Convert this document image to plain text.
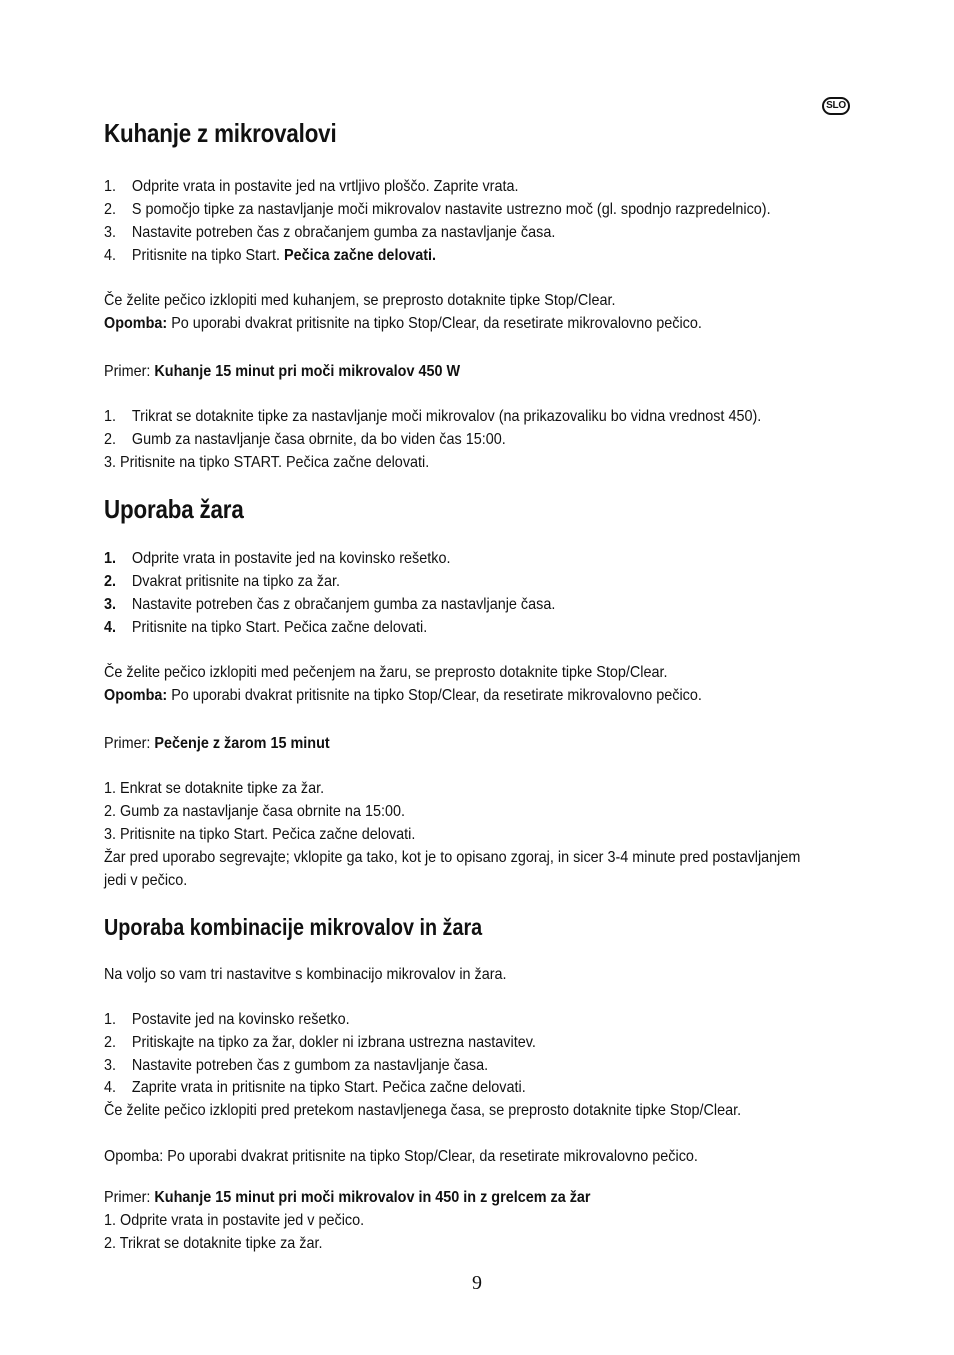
SLO
Kuhanje z mikrovalovi
1. Odprite vrata in postavite jed na vrtljivo ploščo. Zaprite vrata.
2. S pomočjo tipke za nastavljanje moči mikrovalov nastavite ustrezno moč (gl. spodnjo razpredelnico).
3. Nastavite potreben čas z obračanjem gumba za nastavljanje časa.
4. Pritisnite na tipko Start. Pečica začne delovati.
Če želite pečico izklopiti med kuhanjem, se preprosto dotaknite tipke Stop/Clear.
Opomba: Po uporabi dvakrat pritisnite na tipko Stop/Clear, da resetirate mikrovalovno pečico.
Primer: Kuhanje 15 minut pri moči mikrovalov 450 W
1. Trikrat se dotaknite tipke za nastavljanje moči mikrovalov (na prikazovaliku bo vidna vrednost 450).
2. Gumb za nastavljanje časa obrnite, da bo viden čas 15:00.
3. Pritisnite na tipko START. Pečica začne delovati.
Uporaba žara
1. Odprite vrata in postavite jed na kovinsko rešetko.
2. Dvakrat pritisnite na tipko za žar.
3. Nastavite potreben čas z obračanjem gumba za nastavljanje časa.
4. Pritisnite na tipko Start. Pečica začne delovati.
Če želite pečico izklopiti med pečenjem na žaru, se preprosto dotaknite tipke Stop/Clear.
Opomba: Po uporabi dvakrat pritisnite na tipko Stop/Clear, da resetirate mikrovalovno pečico.
Primer: Pečenje z žarom 15 minut
1. Enkrat se dotaknite tipke za žar.
2. Gumb za nastavljanje časa obrnite na 15:00.
3. Pritisnite na tipko Start. Pečica začne delovati.
Žar pred uporabo segrevajte; vklopite ga tako, kot je to opisano zgoraj, in sicer 3-4 minute pred postavljanjem
jedi v pečico.
Uporaba kombinacije mikrovalov in žara
Na voljo so vam tri nastavitve s kombinacijo mikrovalov in žara.
1. Postavite jed na kovinsko rešetko.
2. Pritiskajte na tipko za žar, dokler ni izbrana ustrezna nastavitev.
3. Nastavite potreben čas z gumbom za nastavljanje časa.
4. Zaprite vrata in pritisnite na tipko Start. Pečica začne delovati.
Če želite pečico izklopiti pred pretekom nastavljenega časa, se preprosto dotaknite tipke Stop/Clear.
Opomba: Po uporabi dvakrat pritisnite na tipko Stop/Clear, da resetirate mikrovalovno pečico.
Primer: Kuhanje 15 minut pri moči mikrovalov in 450 in z grelcem za žar
1. Odprite vrata in postavite jed v pečico.
2. Trikrat se dotaknite tipke za žar.
9
